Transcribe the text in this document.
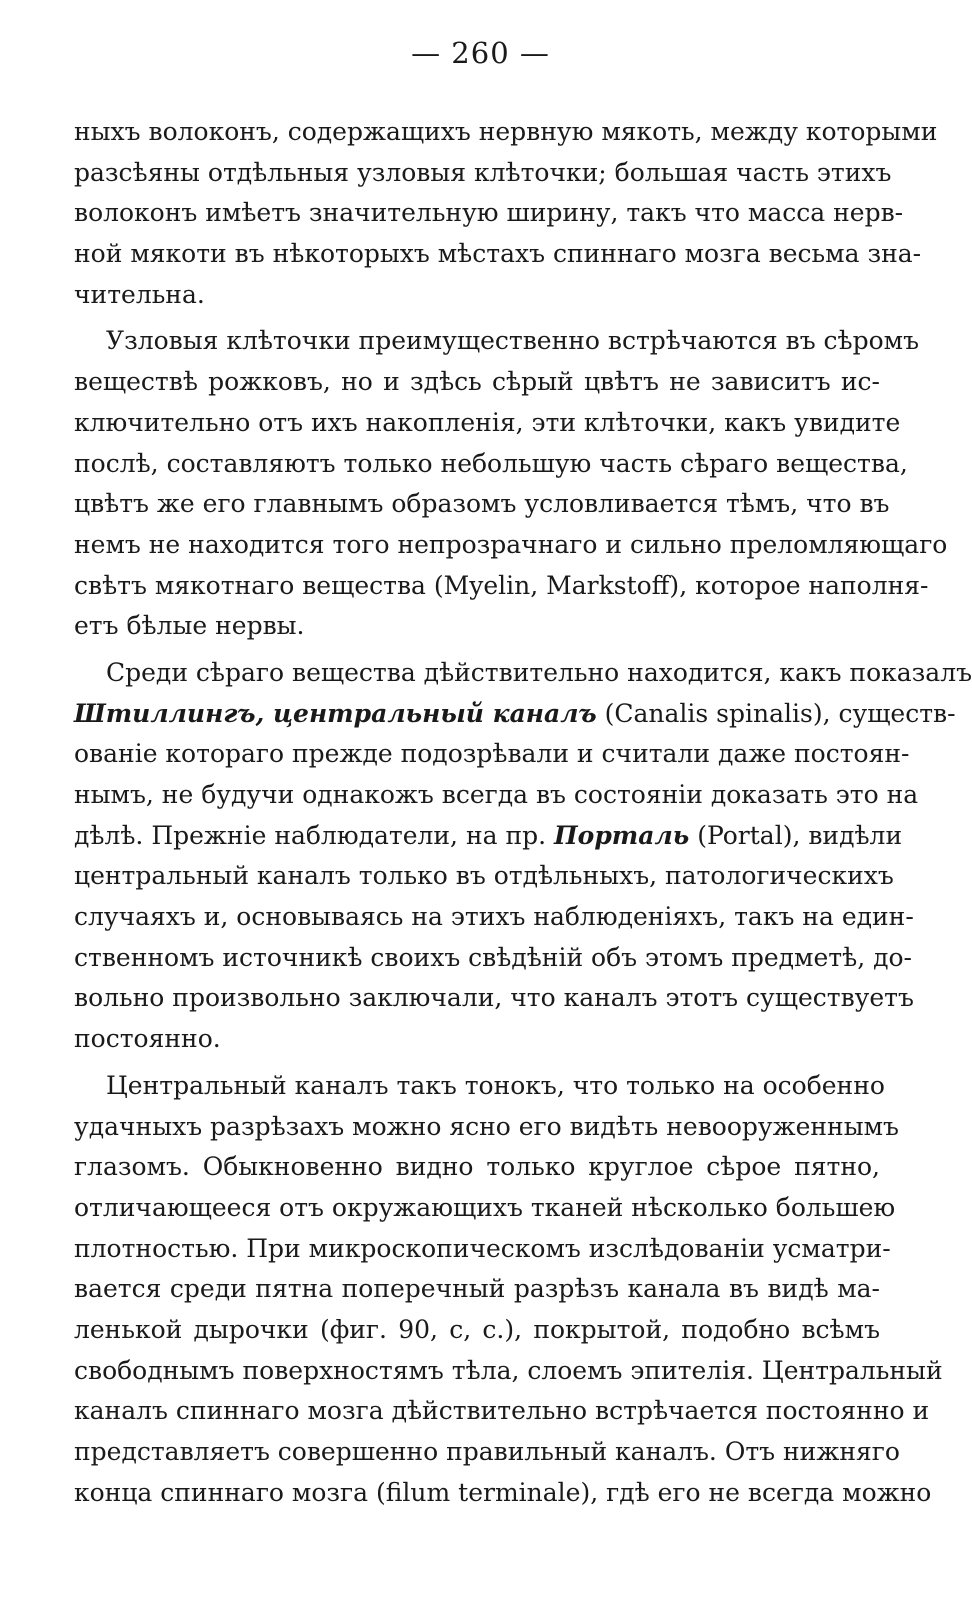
— 260 —
ныхъ волоконъ, содержащихъ нервную мякоть, между которыми
разсѣяны отдѣльныя узловыя клѣточки; большая часть этихъ
волоконъ имѣетъ значительную ширину, такъ что масса нерв-
ной мякоти въ нѣкоторыхъ мѣстахъ спиннаго мозга весьма зна-
чительна.
Узловыя клѣточки преимущественно встрѣчаются въ сѣромъ
веществѣ рожковъ, но и здѣсь сѣрый цвѣтъ не зависитъ ис-
ключительно отъ ихъ накопленія, эти клѣточки, какъ увидите
послѣ, составляютъ только небольшую часть сѣраго вещества,
цвѣтъ же его главнымъ образомъ условливается тѣмъ, что въ
немъ не находится того непрозрачнаго и сильно преломляющаго
свѣтъ мякотнаго вещества (Myelin, Markstoff), которое наполня-
етъ бѣлые нервы.
Среди сѣраго вещества дѣйствительно находится, какъ показалъ
Штиллингъ, центральный каналъ (Canalis spinalis), существ-
ованіе котораго прежде подозрѣвали и считали даже постоян-
нымъ, не будучи однакожъ всегда въ состояніи доказать это на
дѣлѣ. Прежніе наблюдатели, на пр. Порталь (Portal), видѣли
центральный каналъ только въ отдѣльныхъ, патологическихъ
случаяхъ и, основываясь на этихъ наблюденіяхъ, такъ на един-
ственномъ источникѣ своихъ свѣдѣній объ этомъ предметѣ, до-
вольно произвольно заключали, что каналъ этотъ существуетъ
постоянно.
Центральный каналъ такъ тонокъ, что только на особенно
удачныхъ разрѣзахъ можно ясно его видѣть невооруженнымъ
глазомъ. Обыкновенно видно только круглое сѣрое пятно,
отличающееся отъ окружающихъ тканей нѣсколько большею
плотностью. При микроскопическомъ изслѣдованіи усматри-
вается среди пятна поперечный разрѣзъ канала въ видѣ ма-
ленькой дырочки (фиг. 90, с, с.), покрытой, подобно всѣмъ
свободнымъ поверхностямъ тѣла, слоемъ эпителія. Центральный
каналъ спиннаго мозга дѣйствительно встрѣчается постоянно и
представляетъ совершенно правильный каналъ. Отъ нижняго
конца спиннаго мозга (filum terminale), гдѣ его не всегда можно
